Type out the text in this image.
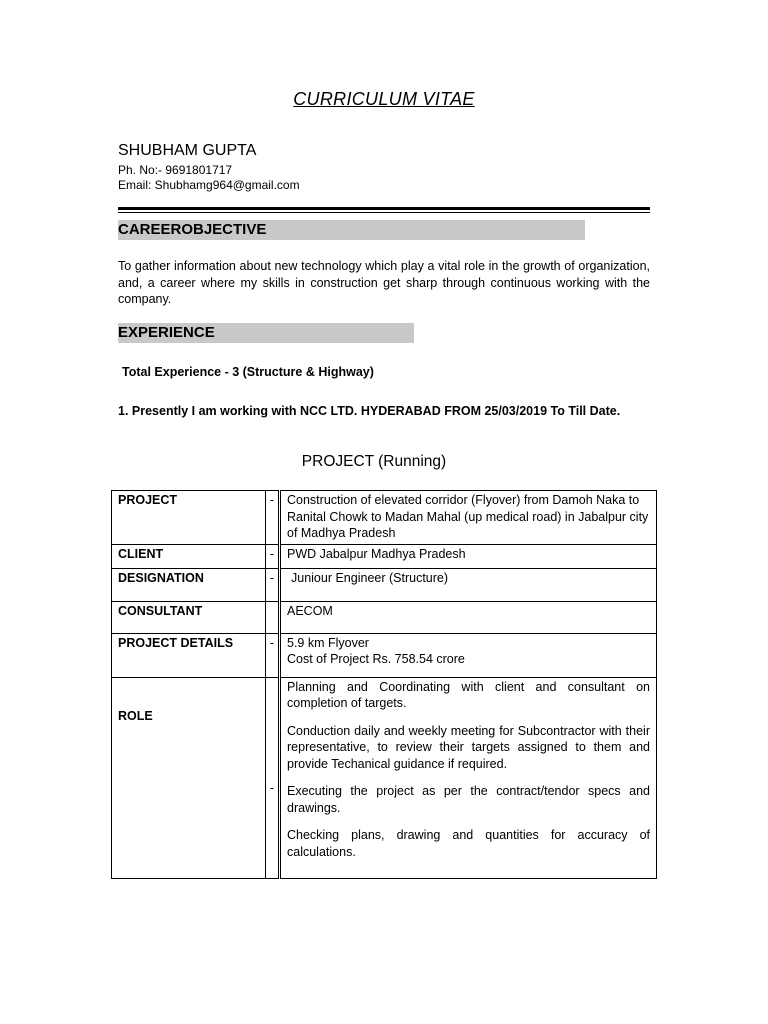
CURRICULUM VITAE
SHUBHAM GUPTA
Ph. No:- 9691801717
Email: Shubhamg964@gmail.com
CAREEROBJECTIVE
To gather information about new technology which play a vital role in the growth of organization, and, a career where my skills in construction get sharp through continuous working with the company.
EXPERIENCE
Total Experience - 3 (Structure & Highway)
1. Presently I am working with NCC LTD. HYDERABAD FROM 25/03/2019 To Till Date.
PROJECT (Running)
PROJECT	-	Construction of elevated corridor (Flyover) from Damoh Naka to Ranital Chowk to Madan Mahal (up medical road) in Jabalpur city of Madhya Pradesh
CLIENT	-	PWD Jabalpur Madhya Pradesh
DESIGNATION	-	Juniour Engineer (Structure)
CONSULTANT		AECOM
PROJECT DETAILS	-	5.9 km Flyover
Cost of Project Rs. 758.54 crore

ROLE	-	Planning and Coordinating with client and consultant on completion of targets.

Conduction daily and weekly meeting for Subcontractor with their representative, to review their targets assigned to them and provide Techanical guidance if required.

Executing the project as per the contract/tendor specs and drawings.

Checking plans, drawing and quantities for accuracy of calculations.
